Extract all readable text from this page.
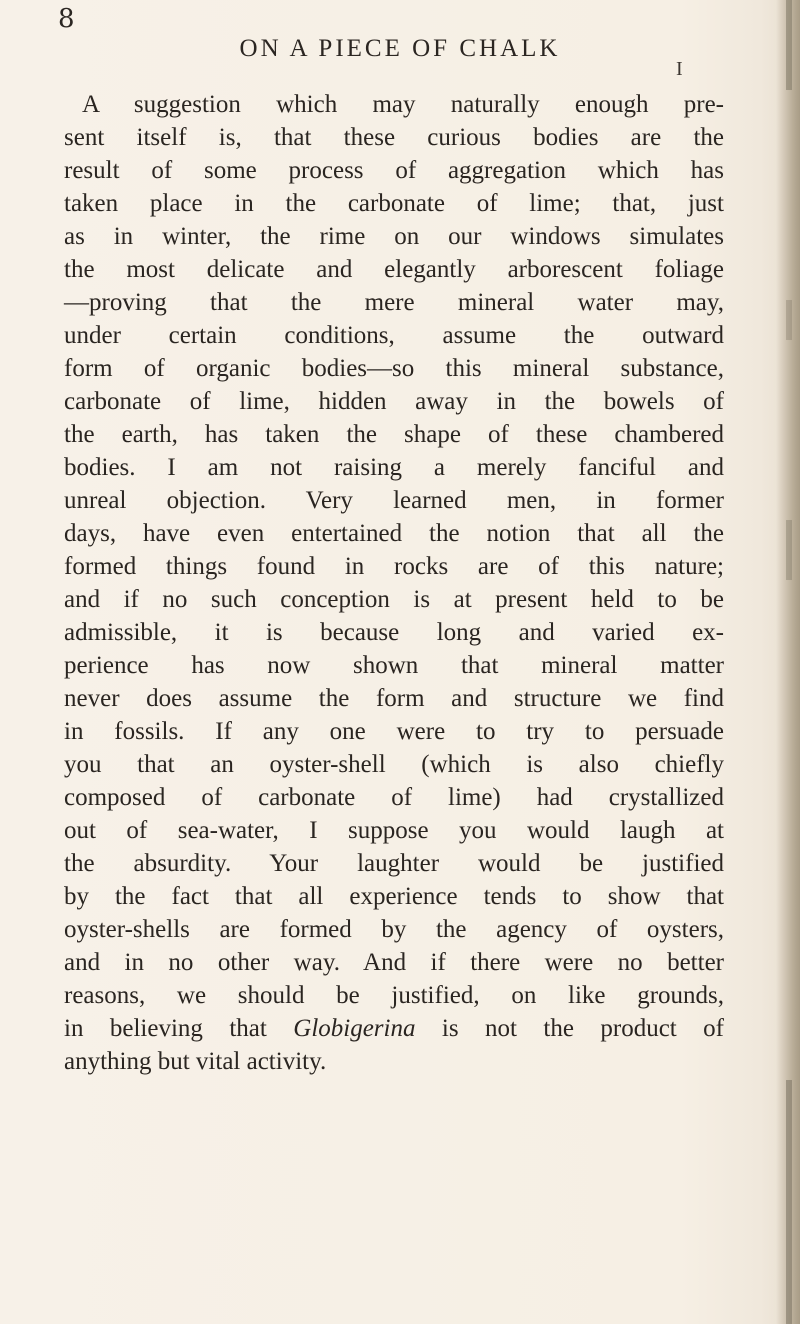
8
ON A PIECE OF CHALK
I
A suggestion which may naturally enough pre-
sent itself is, that these curious bodies are the
result of some process of aggregation which has
taken place in the carbonate of lime; that, just
as in winter, the rime on our windows simulates
the most delicate and elegantly arborescent foliage
—proving that the mere mineral water may,
under certain conditions, assume the outward
form of organic bodies—so this mineral substance,
carbonate of lime, hidden away in the bowels of
the earth, has taken the shape of these chambered
bodies. I am not raising a merely fanciful and
unreal objection. Very learned men, in former
days, have even entertained the notion that all the
formed things found in rocks are of this nature;
and if no such conception is at present held to be
admissible, it is because long and varied ex-
perience has now shown that mineral matter
never does assume the form and structure we find
in fossils. If any one were to try to persuade
you that an oyster-shell (which is also chiefly
composed of carbonate of lime) had crystallized
out of sea-water, I suppose you would laugh at
the absurdity. Your laughter would be justified
by the fact that all experience tends to show that
oyster-shells are formed by the agency of oysters,
and in no other way. And if there were no better
reasons, we should be justified, on like grounds,
in believing that Globigerina is not the product of
anything but vital activity.
